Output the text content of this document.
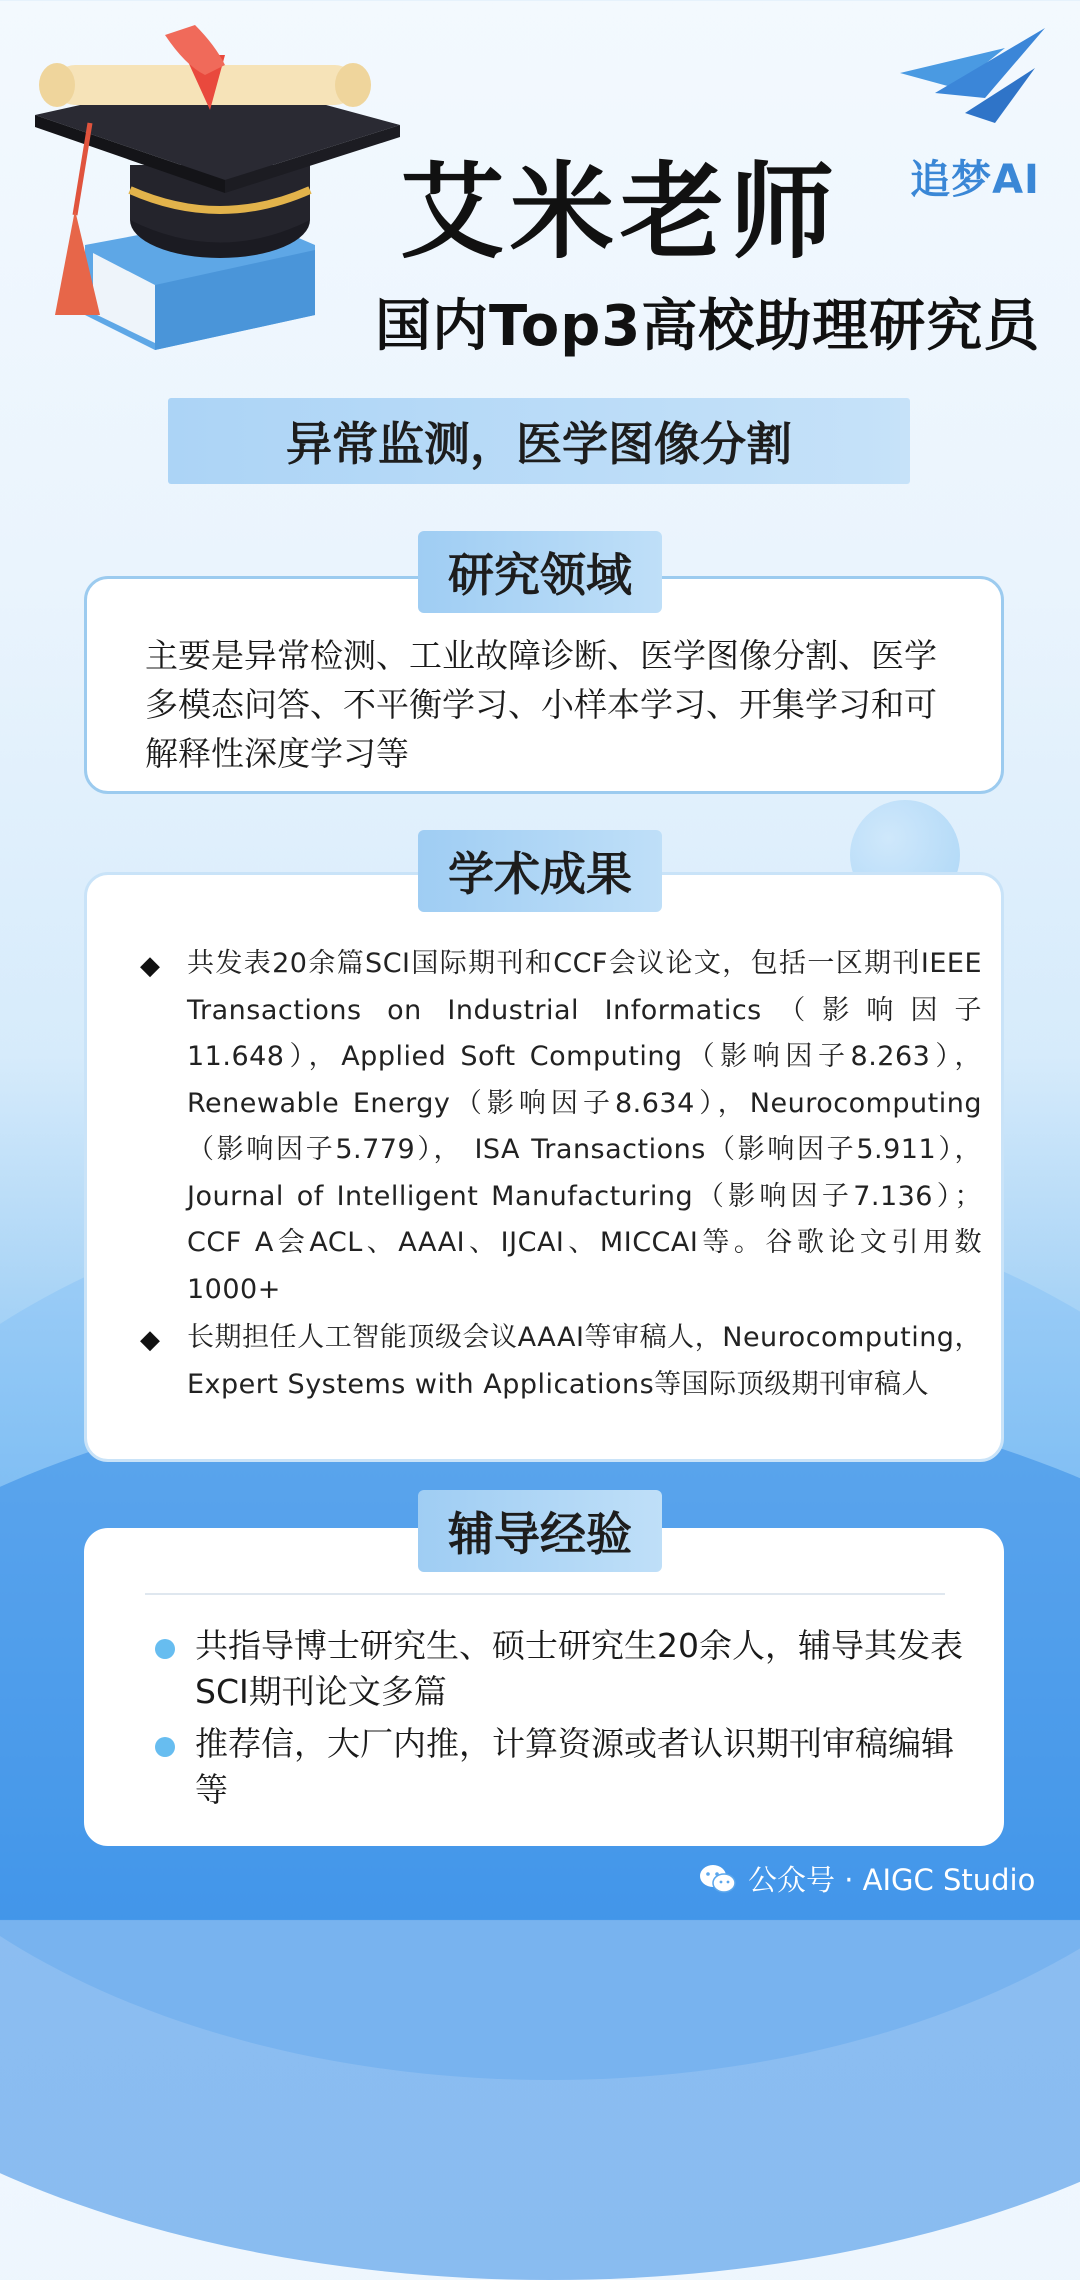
追梦AI
艾米老师
国内Top3高校助理研究员
异常监测，医学图像分割
主要是异常检测、工业故障诊断、医学图像分割、医学多模态问答、不平衡学习、小样本学习、开集学习和可解释性深度学习等
研究领域
◆ 共发表20余篇SCI国际期刊和CCF会议论文，包括一区期刊IEEE Transactions on Industrial Informatics（影响因子11.648），Applied Soft Computing（影响因子8.263），Renewable Energy（影响因子8.634），Neurocomputing（影响因子5.779）， ISA Transactions（影响因子5.911），Journal of Intelligent Manufacturing（影响因子7.136）；CCF A会ACL、AAAI、IJCAI、MICCAI等。谷歌论文引用数1000+
◆ 长期担任人工智能顶级会议AAAI等审稿人，Neurocomputing，Expert Systems with Applications等国际顶级期刊审稿人
学术成果
共指导博士研究生、硕士研究生20余人，辅导其发表SCI期刊论文多篇
推荐信，大厂内推，计算资源或者认识期刊审稿编辑等
辅导经验
公众号 · AIGC Studio
